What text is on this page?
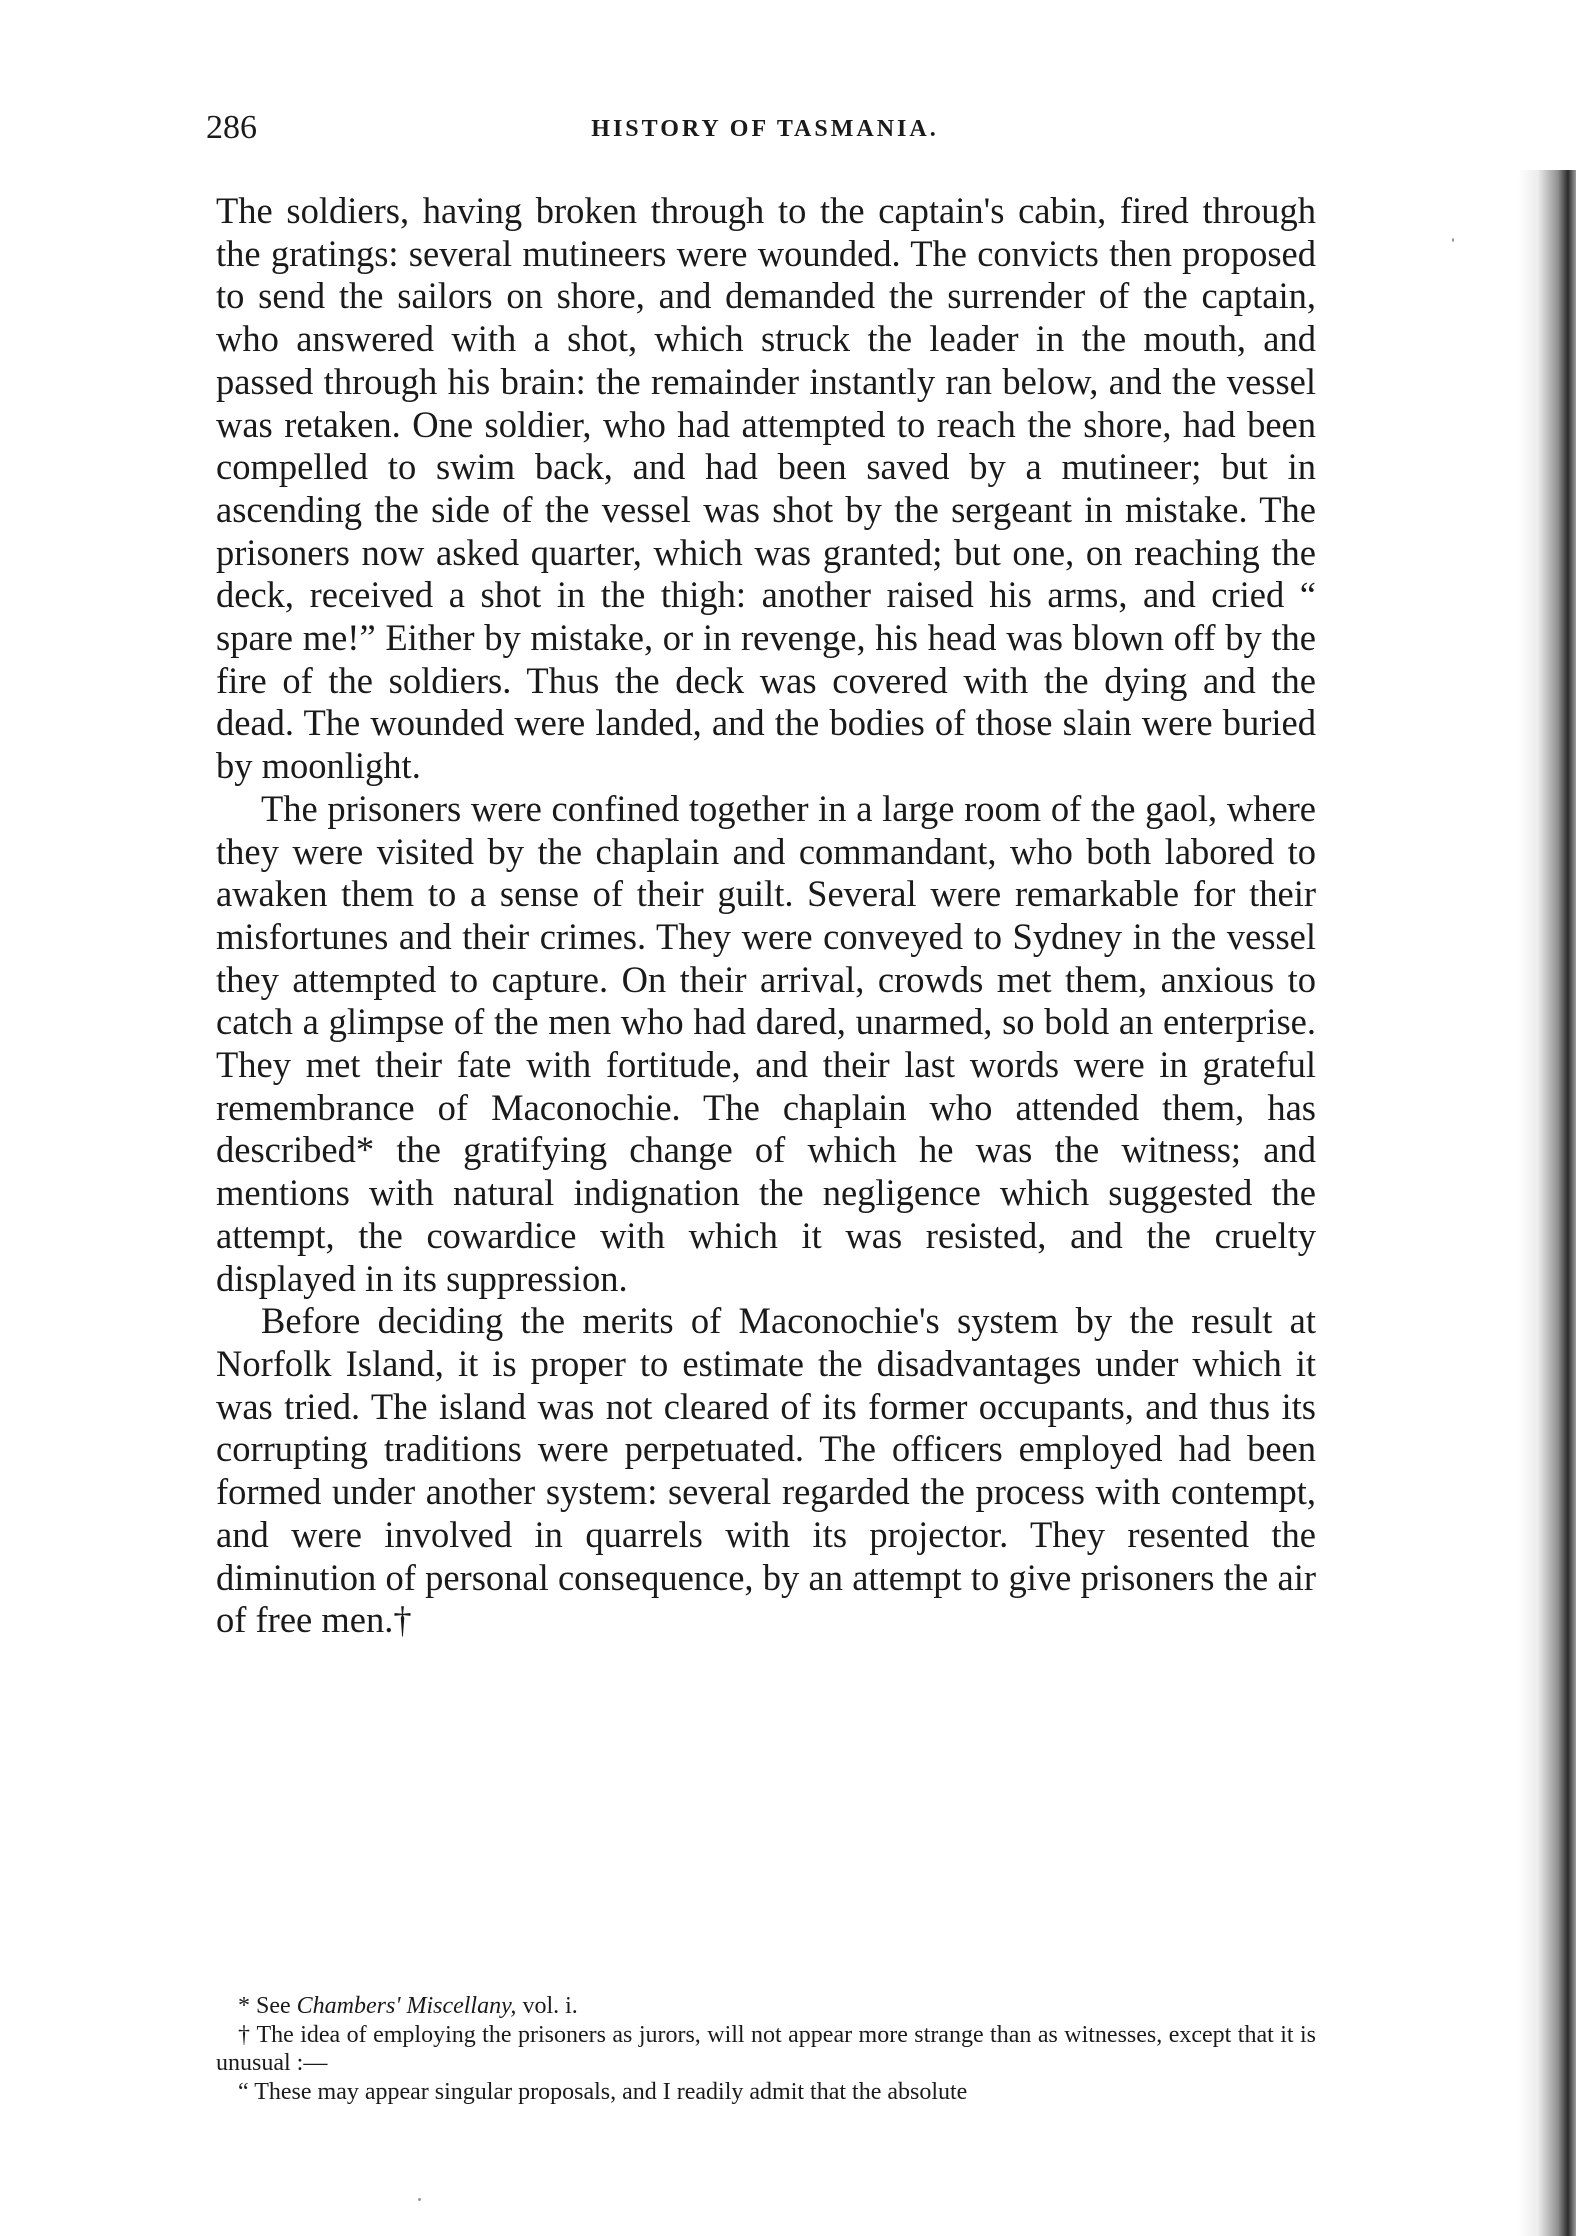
286	HISTORY OF TASMANIA.

The soldiers, having broken through to the captain's cabin, fired through the gratings: several mutineers were wounded. The convicts then proposed to send the sailors on shore, and demanded the surrender of the captain, who answered with a shot, which struck the leader in the mouth, and passed through his brain: the remainder instantly ran below, and the vessel was retaken. One soldier, who had attempted to reach the shore, had been compelled to swim back, and had been saved by a mutineer; but in ascending the side of the vessel was shot by the sergeant in mistake. The prisoners now asked quarter, which was granted; but one, on reaching the deck, received a shot in the thigh: another raised his arms, and cried “ spare me!” Either by mistake, or in revenge, his head was blown off by the fire of the soldiers. Thus the deck was covered with the dying and the dead. The wounded were landed, and the bodies of those slain were buried by moonlight.

The prisoners were confined together in a large room of the gaol, where they were visited by the chaplain and commandant, who both labored to awaken them to a sense of their guilt. Several were remarkable for their misfortunes and their crimes. They were conveyed to Sydney in the vessel they attempted to capture. On their arrival, crowds met them, anxious to catch a glimpse of the men who had dared, unarmed, so bold an enterprise. They met their fate with fortitude, and their last words were in grateful remembrance of Maconochie. The chaplain who attended them, has described* the gratifying change of which he was the witness; and mentions with natural indignation the negligence which suggested the attempt, the cowardice with which it was resisted, and the cruelty displayed in its suppression.

Before deciding the merits of Maconochie's system by the result at Norfolk Island, it is proper to estimate the disadvantages under which it was tried. The island was not cleared of its former occupants, and thus its corrupting traditions were perpetuated. The officers employed had been formed under another system: several regarded the process with contempt, and were involved in quarrels with its projector. They resented the diminution of personal consequence, by an attempt to give prisoners the air of free men.†

* See Chambers' Miscellany, vol. i.

† The idea of employing the prisoners as jurors, will not appear more strange than as witnesses, except that it is unusual :—

“ These may appear singular proposals, and I readily admit that the absolute
